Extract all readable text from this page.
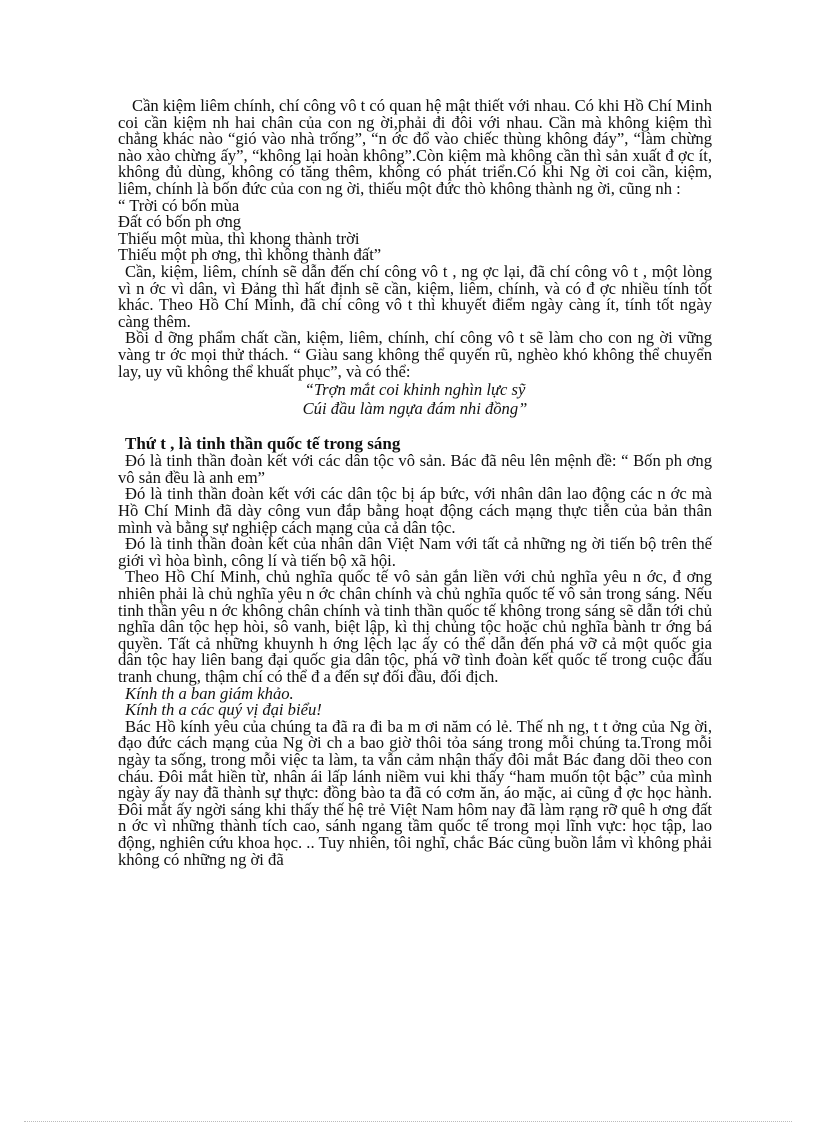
Cần kiệm liêm chính, chí công vô t có quan hệ mật thiết với nhau. Có khi Hồ Chí Minh coi cần kiệm nh hai chân của con ng ời,phải đi đôi với nhau. Cần mà không kiệm thì chẳng khác nào “gió vào nhà trống”, “n ớc đổ vào chiếc thùng không đáy”, “làm chừng nào xào chừng ấy”, “không lại hoàn không”.Còn kiệm mà không cần thì sản xuất đ ợc ít, không đủ dùng, không có tăng thêm, không có phát triển.Có khi Ng ời coi cần, kiệm, liêm, chính là bốn đức của con ng ời, thiếu một đức thò không thành ng ời, cũng nh :

“ Trời có bốn mùa

Đất có bốn ph ơng

Thiếu một mùa, thì khong thành trời

Thiếu một ph ơng, thì không thành đất”

Cần, kiệm, liêm, chính sẽ dẫn đến chí công vô t , ng ợc lại, đã chí công vô t , một lòng vì n ớc vì dân, vì Đảng thì hất định sẽ cần, kiệm, liêm, chính, và có đ ợc nhiều tính tốt khác. Theo Hồ Chí Minh, đã chí công vô t thì khuyết điểm ngày càng ít, tính tốt ngày càng thêm.

Bồi d ỡng phẩm chất cần, kiệm, liêm, chính, chí công vô t sẽ làm cho con ng ời vững vàng tr ớc mọi thử thách. “ Giàu sang không thể quyến rũ, nghèo khó không thể chuyển lay, uy vũ không thể khuất phục”, và có thể:

“Trợn mắt coi khinh nghìn lực sỹ

Cúi đầu làm ngựa đám nhi đồng”

Thứ t , là tinh thần quốc tế trong sáng

Đó là tinh thần đoàn kết với các dân tộc vô sản. Bác đã nêu lên mệnh đề: “ Bốn ph ơng vô sản đều là anh em”

Đó là tinh thần đoàn kết với các dân tộc bị áp bức, với nhân dân lao động các n ớc mà Hồ Chí Minh đã dày công vun đắp bằng hoạt động cách mạng thực tiễn của bản thân mình và bằng sự nghiệp cách mạng của cả dân tộc.

Đó là tinh thần đoàn kết của nhân dân Việt Nam với tất cả những ng ời tiến bộ trên thế giới vì hòa bình, công lí và tiến bộ xã hội.

Theo Hồ Chí Minh, chủ nghĩa quốc tế vô sản gắn liền với chủ nghĩa yêu n ớc, đ ơng nhiên phải là chủ nghĩa yêu n ớc chân chính và chủ nghĩa quốc tế vô sản trong sáng. Nếu tinh thần yêu n ớc không chân chính và tinh thần quốc tế không trong sáng sẽ dẫn tới chủ nghĩa dân tộc hẹp hòi, sô vanh, biệt lập, kì thị chủng tộc hoặc chủ nghĩa bành tr ớng bá quyền. Tất cả những khuynh h ớng lệch lạc ấy có thể dẫn đến phá vỡ cả một quốc gia dân tộc hay liên bang đại quốc gia dân tộc, phá vỡ tình đoàn kết quốc tế trong cuộc đấu tranh chung, thậm chí có thể đ a đến sự đối đầu, đối địch.

Kính th a ban giám khảo.

Kính th a các quý vị đại biểu!

Bác Hồ kính yêu của chúng ta đã ra đi ba m ơi năm có lẻ. Thế nh ng, t t ởng của Ng ời, đạo đức cách mạng của Ng ời ch a bao giờ thôi tỏa sáng trong mỗi chúng ta.Trong mỗi ngày ta sống, trong mỗi việc ta làm, ta vẫn cảm nhận thấy đôi mắt Bác đang dõi theo con cháu. Đôi mắt hiền từ, nhân ái lấp lánh niềm vui khi thấy “ham muốn tột bậc” của mình ngày ấy nay đã thành sự thực: đồng bào ta đã có cơm ăn, áo mặc, ai cũng đ ợc học hành. Đôi mắt ấy ngời sáng khi thấy thế hệ trẻ Việt Nam hôm nay đã làm rạng rỡ quê h ơng đất n ớc vì những thành tích cao, sánh ngang tầm quốc tế trong mọi lĩnh vực: học tập, lao động, nghiên cứu khoa học. .. Tuy nhiên, tôi nghĩ, chắc Bác cũng buồn lắm vì không phải không có những ng ời đã
